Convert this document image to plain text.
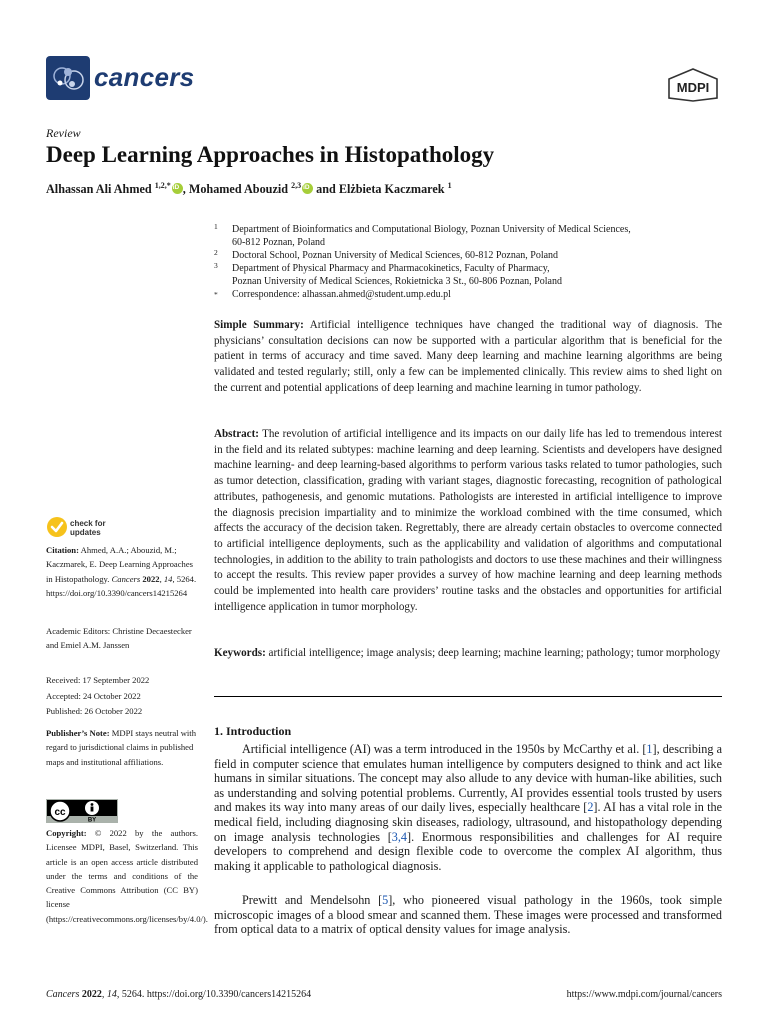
cancers	MDPI
Review
Deep Learning Approaches in Histopathology
Alhassan Ali Ahmed $^{1,2,*}$iD , Mohamed Abouzid $^{2,3}$iD and Elżbieta Kaczmarek $^1$
1 Department of Bioinformatics and Computational Biology, Poznan University of Medical Sciences,
60-812 Poznan, Poland
2 Doctoral School, Poznan University of Medical Sciences, 60-812 Poznan, Poland
3 Department of Physical Pharmacy and Pharmacokinetics, Faculty of Pharmacy,
Poznan University of Medical Sciences, Rokietnicka 3 St., 60-806 Poznan, Poland
* Correspondence: alhassan.ahmed@student.ump.edu.pl
Simple Summary: Artificial intelligence techniques have changed the traditional way of diagnosis. The physicians’ consultation decisions can now be supported with a particular algorithm that is beneficial for the patient in terms of accuracy and time saved. Many deep learning and machine learning algorithms are being validated and tested regularly; still, only a few can be implemented clinically. This review aims to shed light on the current and potential applications of deep learning and machine learning in tumor pathology.
Abstract: The revolution of artificial intelligence and its impacts on our daily life has led to tremendous interest in the field and its related subtypes: machine learning and deep learning. Scientists and developers have designed machine learning- and deep learning-based algorithms to perform various tasks related to tumor pathologies, such as tumor detection, classification, grading with variant stages, diagnostic forecasting, recognition of pathological attributes, pathogenesis, and genomic mutations. Pathologists are interested in artificial intelligence to improve the diagnosis precision impartiality and to minimize the workload combined with the time consumed, which affects the accuracy of the decision taken. Regrettably, there are already certain obstacles to overcome connected to artificial intelligence deployments, such as the applicability and validation of algorithms and computational technologies, in addition to the ability to train pathologists and doctors to use these machines and their willingness to accept the results. This review paper provides a survey of how machine learning and deep learning methods could be implemented into health care providers’ routine tasks and the obstacles and opportunities for artificial intelligence application in tumor morphology.
Keywords: artificial intelligence; image analysis; deep learning; machine learning; pathology; tumor morphology
1. Introduction
Artificial intelligence (AI) was a term introduced in the 1950s by McCarthy et al. [1], describing a field in computer science that emulates human intelligence by computers designed to think and act like humans in similar situations. The concept may also allude to any device with human-like abilities, such as understanding and solving potential problems. Currently, AI provides essential tools trusted by users and makes its way into many areas of our daily lives, especially healthcare [2]. AI has a vital role in the medical field, including diagnosing skin diseases, radiology, ultrasound, and histopathology depending on image analysis technologies [3,4]. Enormous responsibilities and challenges for AI require developers to comprehend and design flexible code to overcome the complex AI algorithm, thus making it applicable to pathological diagnosis.
Prewitt and Mendelsohn [5], who pioneered visual pathology in the 1960s, took simple microscopic images of a blood smear and scanned them. These images were processed and transformed from optical data to a matrix of optical density values for image analysis.
check for
updates
Citation: Ahmed, A.A.; Abouzid, M.; Kaczmarek, E. Deep Learning Approaches in Histopathology. Cancers 2022, 14, 5264. https://doi.org/10.3390/cancers14215264
Academic Editors: Christine Decaestecker and Emiel A.M. Janssen
Received: 17 September 2022
Accepted: 24 October 2022
Published: 26 October 2022
Publisher’s Note: MDPI stays neutral with regard to jurisdictional claims in published maps and institutional affiliations.
cc
BY
Copyright: © 2022 by the authors. Licensee MDPI, Basel, Switzerland. This article is an open access article distributed under the terms and conditions of the Creative Commons Attribution (CC BY) license (https://creativecommons.org/licenses/by/4.0/).
Cancers 2022, 14, 5264. https://doi.org/10.3390/cancers14215264	https://www.mdpi.com/journal/cancers
